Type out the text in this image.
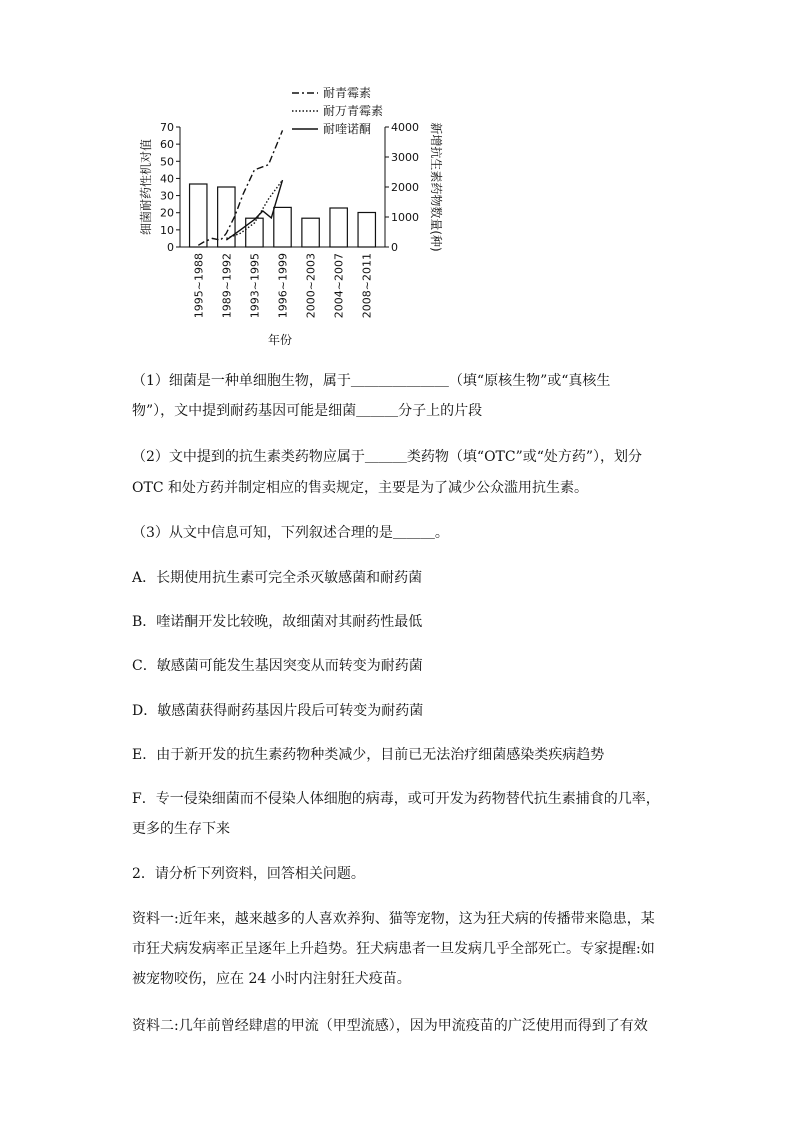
0
10
20
30
40
50
60
70
0
1000
2000
3000
4000
1995~1988 1989~1992 1993~1995 1996~1999 2000~2003 2004~2007 2008~2011
耐青霉素
耐万青霉素
耐喹诺酮
细菌耐药性机对值	新增抗生素药物数量(种)
年份
（1）细菌是一种单细胞生物，属于＿＿＿＿＿＿＿（填“原核生物”或“真核生
物”），文中提到耐药基因可能是细菌＿＿＿分子上的片段
（2）文中提到的抗生素类药物应属于＿＿＿类药物（填“OTC”或“处方药”），划分
OTC 和处方药并制定相应的售卖规定，主要是为了减少公众滥用抗生素。
（3）从文中信息可知，下列叙述合理的是＿＿＿。
A．长期使用抗生素可完全杀灭敏感菌和耐药菌
B．喹诺酮开发比较晚，故细菌对其耐药性最低
C．敏感菌可能发生基因突变从而转变为耐药菌
D．敏感菌获得耐药基因片段后可转变为耐药菌
E．由于新开发的抗生素药物种类减少，目前已无法治疗细菌感染类疾病趋势
F．专一侵染细菌而不侵染人体细胞的病毒，或可开发为药物替代抗生素捕食的几率，
更多的生存下来
2．请分析下列资料，回答相关问题。
资料一:近年来，越来越多的人喜欢养狗、猫等宠物，这为狂犬病的传播带来隐患，某
市狂犬病发病率正呈逐年上升趋势。狂犬病患者一旦发病几乎全部死亡。专家提醒:如
被宠物咬伤，应在 24 小时内注射狂犬疫苗。
资料二:几年前曾经肆虐的甲流（甲型流感），因为甲流疫苗的广泛使用而得到了有效
